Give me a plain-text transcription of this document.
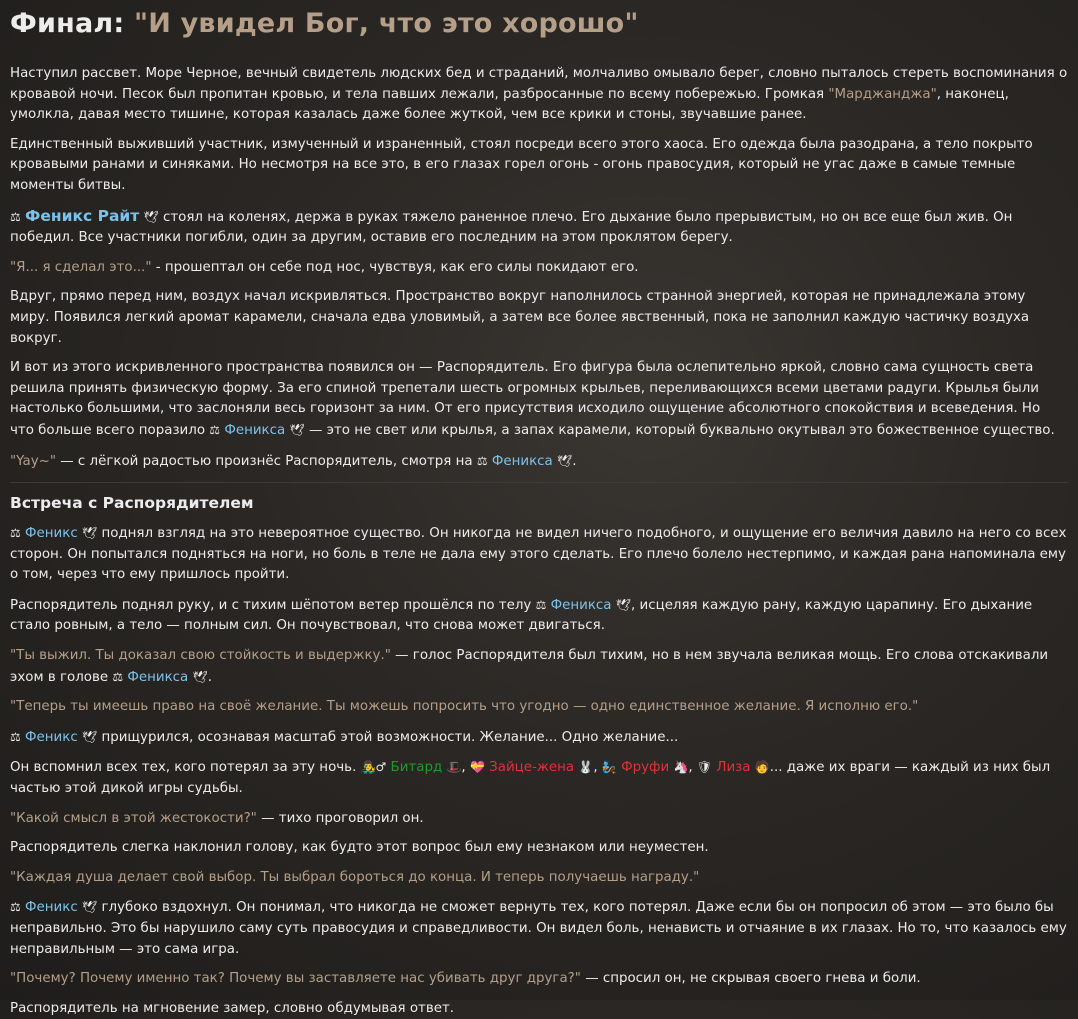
Финал: "И увидел Бог, что это хорошо"

Наступил рассвет. Море Черное, вечный свидетель людских бед и страданий, молчаливо омывало берег, словно пыталось стереть воспоминания о кровавой ночи. Песок был пропитан кровью, и тела павших лежали, разбросанные по всему побережью. Громкая "Марджанджа", наконец, умолкла, давая место тишине, которая казалась даже более жуткой, чем все крики и стоны, звучавшие ранее.

Единственный выживший участник, измученный и израненный, стоял посреди всего этого хаоса. Его одежда была разодрана, а тело покрыто кровавыми ранами и синяками. Но несмотря на все это, в его глазах горел огонь - огонь правосудия, который не угас даже в самые темные моменты битвы.

⚖ Феникс Райт 🕊 стоял на коленях, держа в руках тяжело раненное плечо. Его дыхание было прерывистым, но он все еще был жив. Он победил. Все участники погибли, один за другим, оставив его последним на этом проклятом берегу.

"Я... я сделал это..." - прошептал он себе под нос, чувствуя, как его силы покидают его.

Вдруг, прямо перед ним, воздух начал искривляться. Пространство вокруг наполнилось странной энергией, которая не принадлежала этому миру. Появился легкий аромат карамели, сначала едва уловимый, а затем все более явственный, пока не заполнил каждую частичку воздуха вокруг.

И вот из этого искривленного пространства появился он — Распорядитель. Его фигура была ослепительно яркой, словно сама сущность света решила принять физическую форму. За его спиной трепетали шесть огромных крыльев, переливающихся всеми цветами радуги. Крылья были настолько большими, что заслоняли весь горизонт за ним. От его присутствия исходило ощущение абсолютного спокойствия и всеведения. Но что больше всего поразило ⚖ Феникса 🕊 — это не свет или крылья, а запах карамели, который буквально окутывал это божественное существо.

"Yay~" — с лёгкой радостью произнёс Распорядитель, смотря на ⚖ Феникса 🕊.

Встреча с Распорядителем

⚖ Феникс 🕊 поднял взгляд на это невероятное существо. Он никогда не видел ничего подобного, и ощущение его величия давило на него со всех сторон. Он попытался подняться на ноги, но боль в теле не дала ему этого сделать. Его плечо болело нестерпимо, и каждая рана напоминала ему о том, через что ему пришлось пройти.

Распорядитель поднял руку, и с тихим шёпотом ветер прошёлся по телу ⚖ Феникса 🕊, исцеляя каждую рану, каждую царапину. Его дыхание стало ровным, а тело — полным сил. Он почувствовал, что снова может двигаться.

"Ты выжил. Ты доказал свою стойкость и выдержку." — голос Распорядителя был тихим, но в нем звучала великая мощь. Его слова отскакивали эхом в голове ⚖ Феникса 🕊.

"Теперь ты имеешь право на своё желание. Ты можешь попросить что угодно — одно единственное желание. Я исполню его."

⚖ Феникс 🕊 прищурился, осознавая масштаб этой возможности. Желание... Одно желание...

Он вспомнил всех тех, кого потерял за эту ночь. 👨‍🎤♂ Битард 🎩, 💝 Зайце-жена 🐰, 🧞 Фруфи 🦄, 🛡 Лиза 🧑... даже их враги — каждый из них был частью этой дикой игры судьбы.

"Какой смысл в этой жестокости?" — тихо проговорил он.

Распорядитель слегка наклонил голову, как будто этот вопрос был ему незнаком или неуместен.

"Каждая душа делает свой выбор. Ты выбрал бороться до конца. И теперь получаешь награду."

⚖ Феникс 🕊 глубоко вздохнул. Он понимал, что никогда не сможет вернуть тех, кого потерял. Даже если бы он попросил об этом — это было бы неправильно. Это бы нарушило саму суть правосудия и справедливости. Он видел боль, ненависть и отчаяние в их глазах. Но то, что казалось ему неправильным — это сама игра.

"Почему? Почему именно так? Почему вы заставляете нас убивать друг друга?" — спросил он, не скрывая своего гнева и боли.

Распорядитель на мгновение замер, словно обдумывая ответ.
